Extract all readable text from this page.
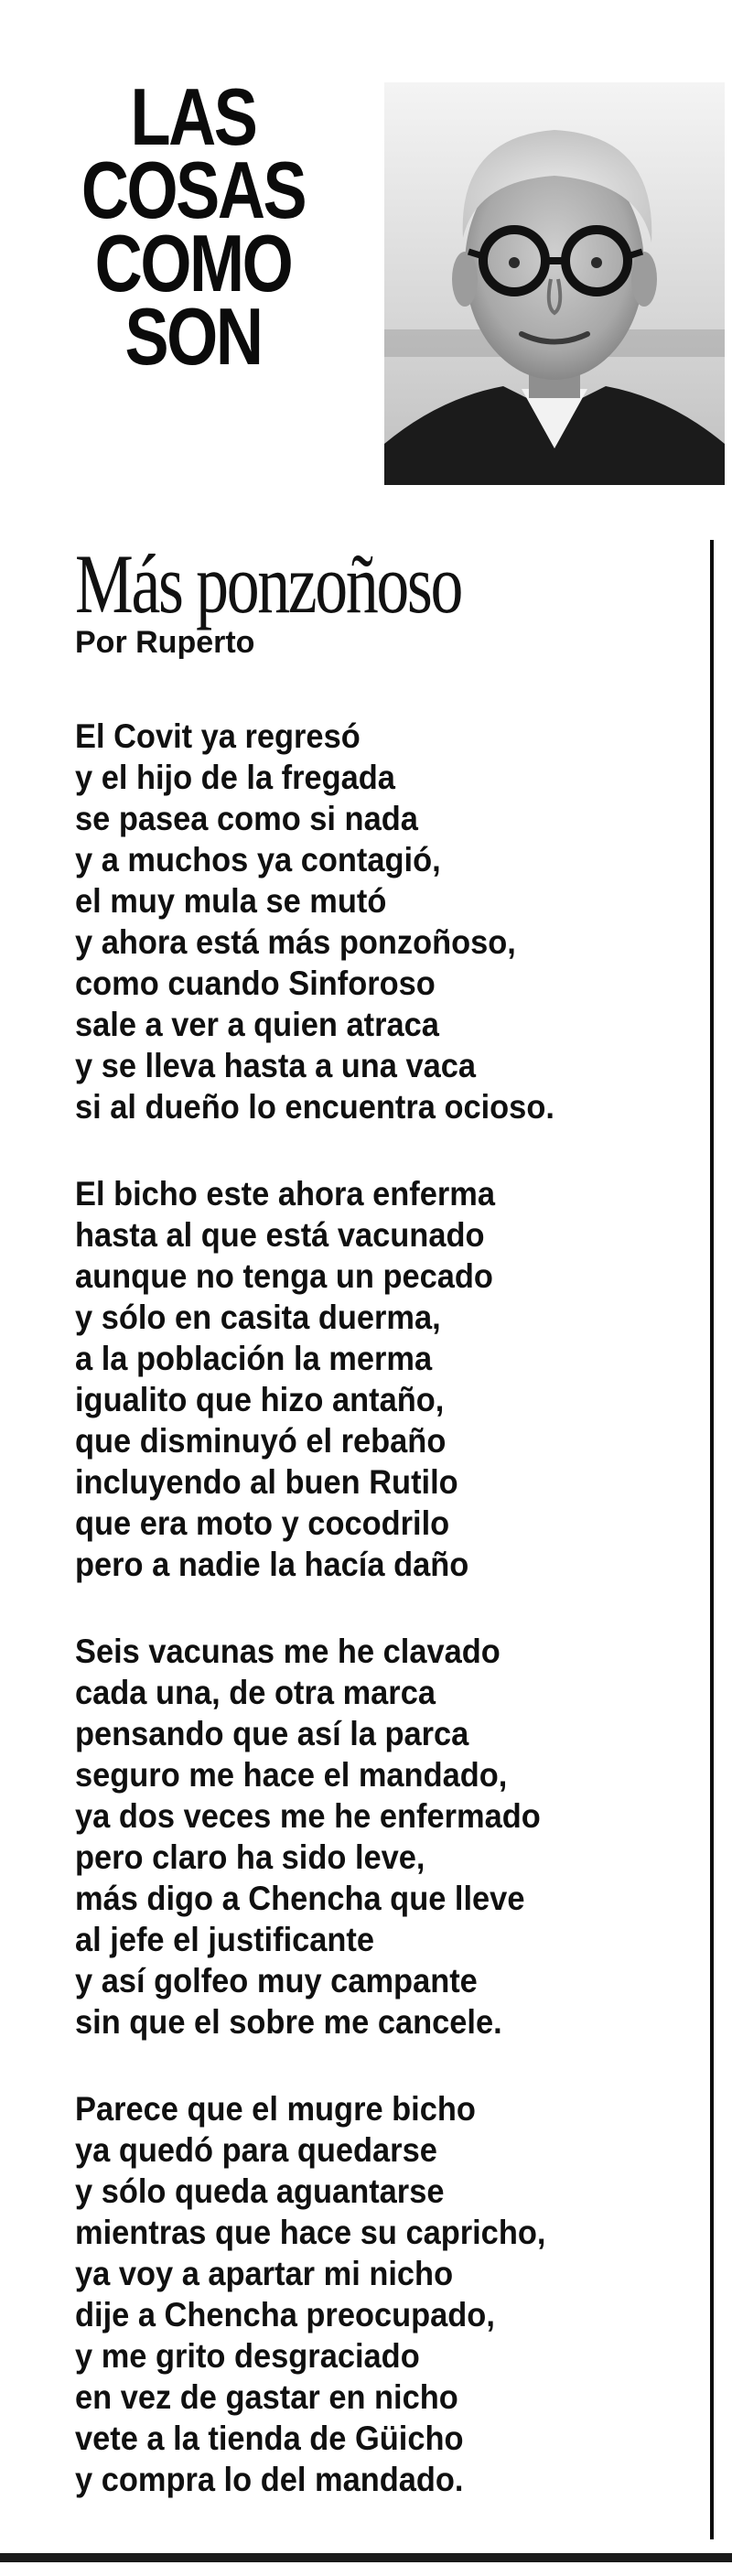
LAS
COSAS
COMO
SON
Más ponzoñoso

Por Ruperto

El Covit ya regresó
y el hijo de la fregada
se pasea como si nada
y a muchos ya contagió,
el muy mula se mutó
y ahora está más ponzoñoso,
como cuando Sinforoso
sale a ver a quien atraca
y se lleva hasta a una vaca
si al dueño lo encuentra ocioso.
El bicho este ahora enferma
hasta al que está vacunado
aunque no tenga un pecado
y sólo en casita duerma,
a la población la merma
igualito que hizo antaño,
que disminuyó el rebaño
incluyendo al buen Rutilo
que era moto y cocodrilo
pero a nadie la hacía daño
Seis vacunas me he clavado
cada una, de otra marca
pensando que así la parca
seguro me hace el mandado,
ya dos veces me he enfermado
pero claro ha sido leve,
más digo a Chencha que lleve
al jefe el justificante
y así golfeo muy campante
sin que el sobre me cancele.
Parece que el mugre bicho
ya quedó para quedarse
y sólo queda aguantarse
mientras que hace su capricho,
ya voy a apartar mi nicho
dije a Chencha preocupado,
y me grito desgraciado
en vez de gastar en nicho
vete a la tienda de Güicho
y compra lo del mandado.
